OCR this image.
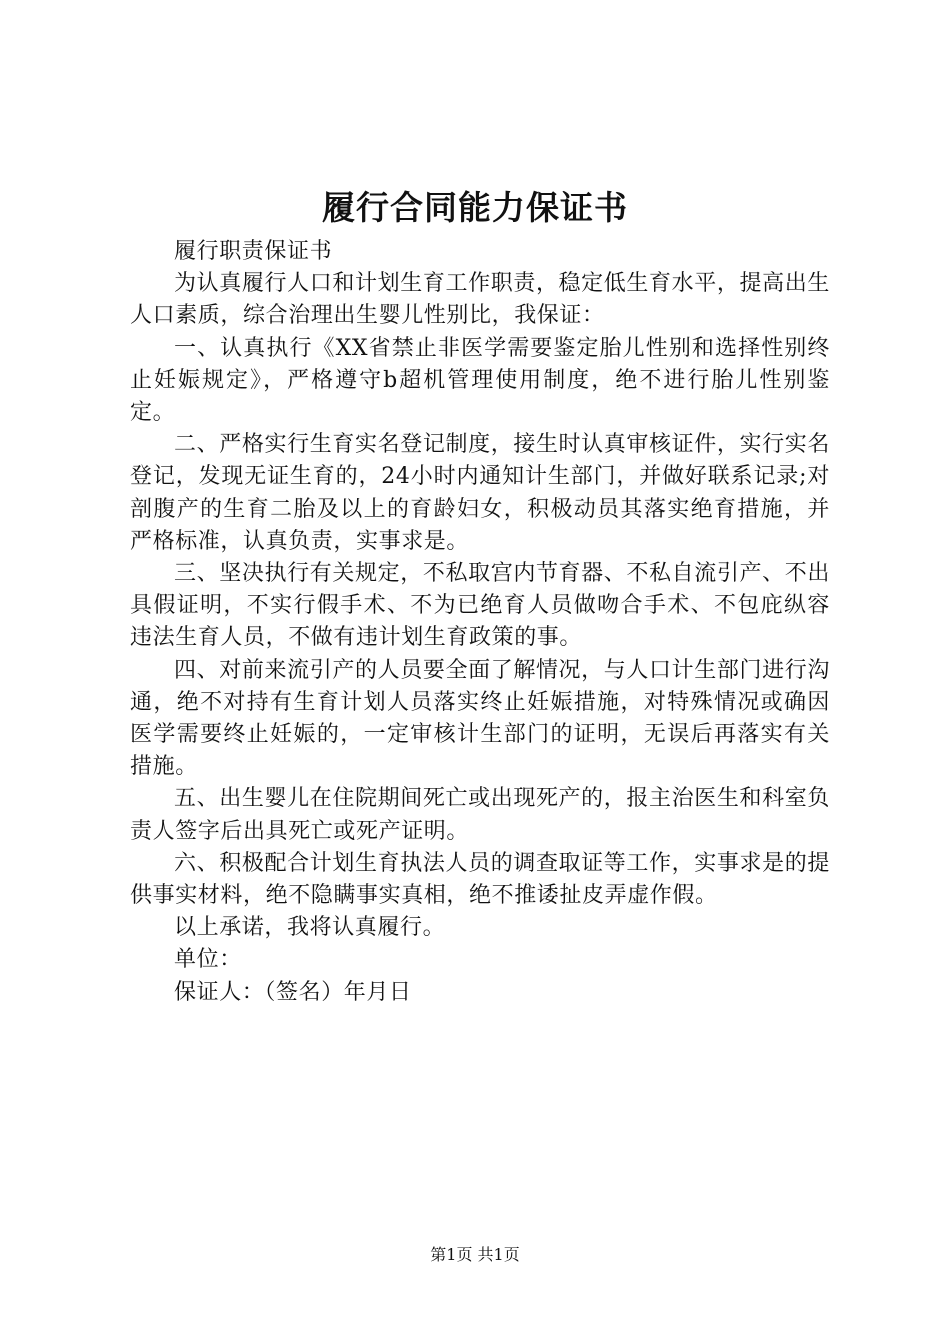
履行合同能力保证书

履行职责保证书

为认真履行人口和计划生育工作职责，稳定低生育水平，提高出生人口素质，综合治理出生婴儿性别比，我保证：

一、认真执行《XX省禁止非医学需要鉴定胎儿性别和选择性别终止妊娠规定》，严格遵守b超机管理使用制度，绝不进行胎儿性别鉴定。

二、严格实行生育实名登记制度，接生时认真审核证件，实行实名登记，发现无证生育的，24小时内通知计生部门，并做好联系记录;对剖腹产的生育二胎及以上的育龄妇女，积极动员其落实绝育措施，并严格标准，认真负责，实事求是。

三、坚决执行有关规定，不私取宫内节育器、不私自流引产、不出具假证明，不实行假手术、不为已绝育人员做吻合手术、不包庇纵容违法生育人员，不做有违计划生育政策的事。

四、对前来流引产的人员要全面了解情况，与人口计生部门进行沟通，绝不对持有生育计划人员落实终止妊娠措施，对特殊情况或确因医学需要终止妊娠的，一定审核计生部门的证明，无误后再落实有关措施。

五、出生婴儿在住院期间死亡或出现死产的，报主治医生和科室负责人签字后出具死亡或死产证明。

六、积极配合计划生育执法人员的调查取证等工作，实事求是的提供事实材料，绝不隐瞒事实真相，绝不推诿扯皮弄虚作假。

以上承诺，我将认真履行。

单位：

保证人：（签名）年月日

第1页 共1页
